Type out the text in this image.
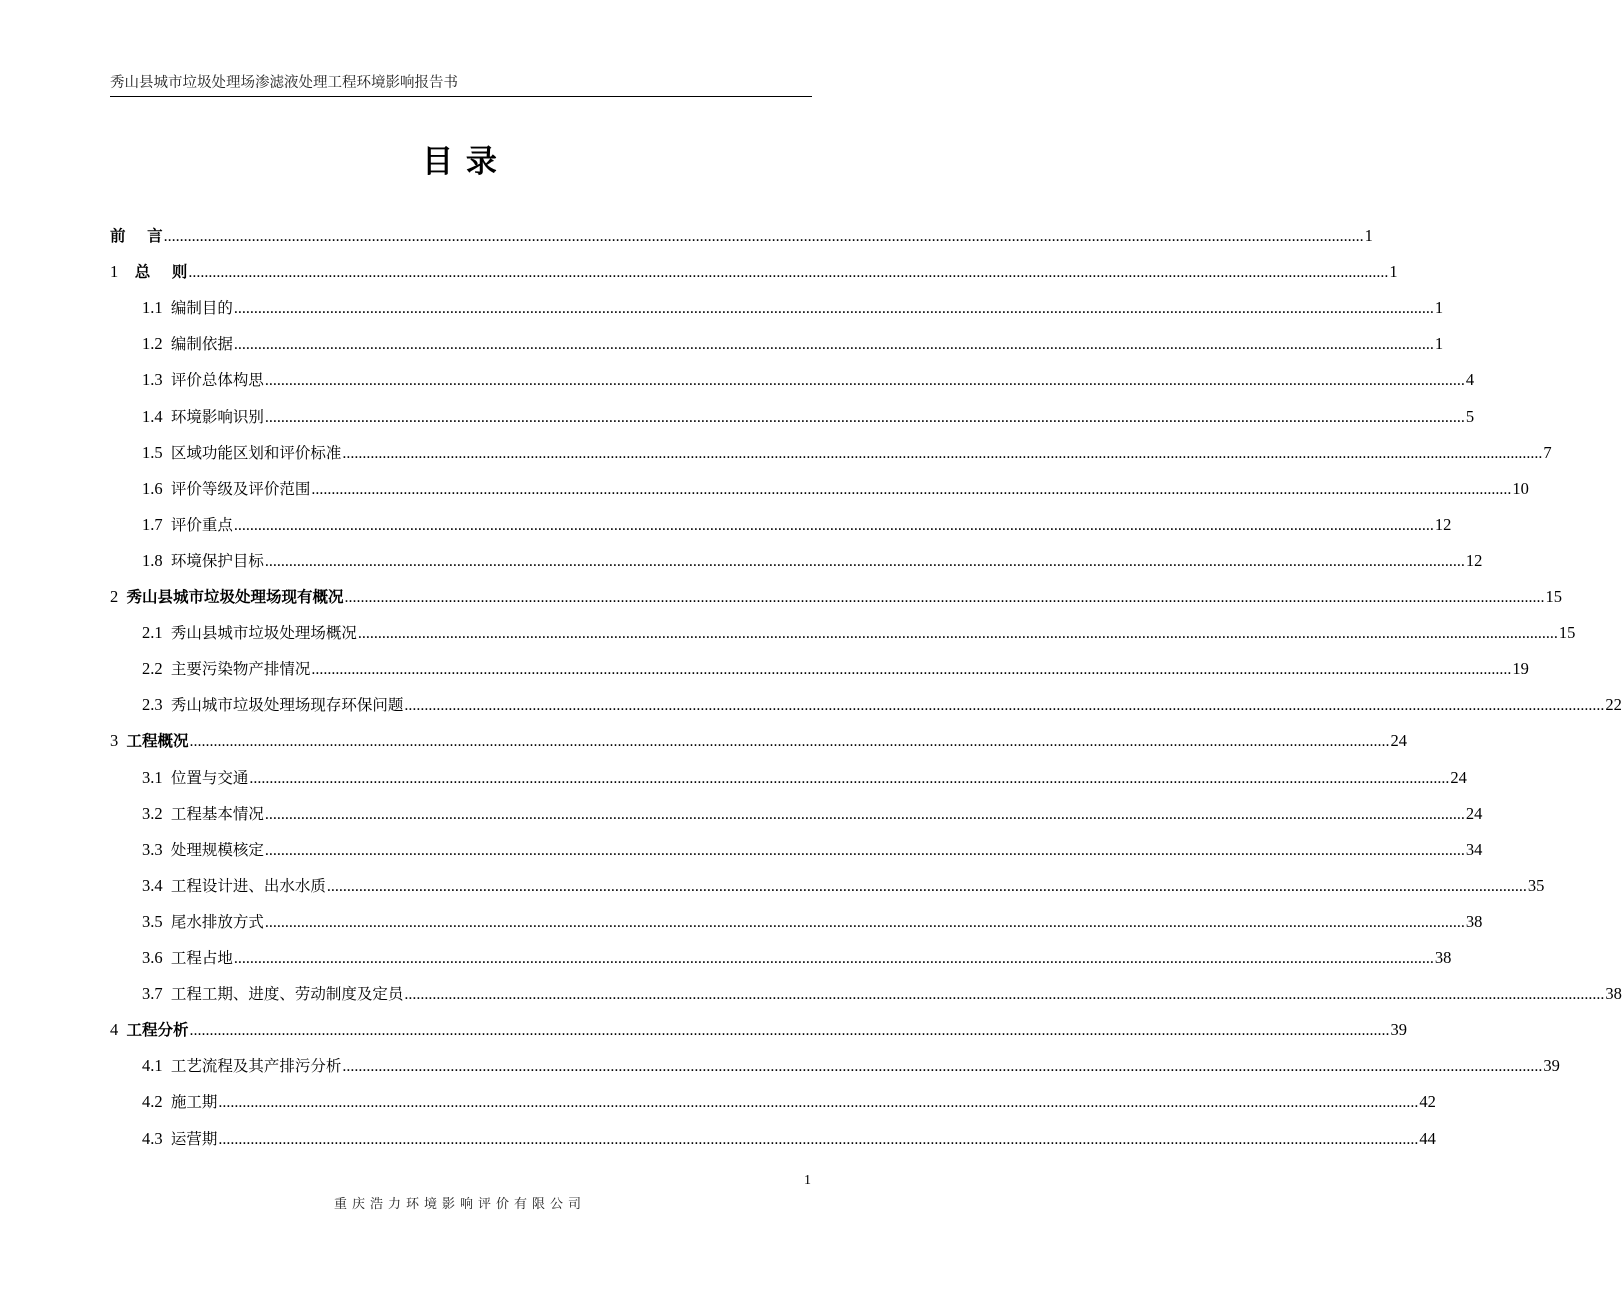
秀山县城市垃圾处理场渗滤液处理工程环境影响报告书
目 录
前    言 ............................................................................................................................................................................................................................................................................................................ 1
1 总    则 ............................................................................................................................................................................................................................................................................................................ 1
1.1 编制目的 ............................................................................................................................................................................................................................................................................................................ 1
1.2 编制依据 ............................................................................................................................................................................................................................................................................................................ 1
1.3 评价总体构思 ............................................................................................................................................................................................................................................................................................................ 4
1.4 环境影响识别 ............................................................................................................................................................................................................................................................................................................ 5
1.5 区域功能区划和评价标准 ............................................................................................................................................................................................................................................................................................................ 7
1.6 评价等级及评价范围 ............................................................................................................................................................................................................................................................................................................ 10
1.7 评价重点 ............................................................................................................................................................................................................................................................................................................ 12
1.8 环境保护目标 ............................................................................................................................................................................................................................................................................................................ 12
2 秀山县城市垃圾处理场现有概况 ............................................................................................................................................................................................................................................................................................................ 15
2.1 秀山县城市垃圾处理场概况 ............................................................................................................................................................................................................................................................................................................ 15
2.2 主要污染物产排情况 ............................................................................................................................................................................................................................................................................................................ 19
2.3 秀山城市垃圾处理场现存环保问题 ............................................................................................................................................................................................................................................................................................................ 22
3 工程概况 ............................................................................................................................................................................................................................................................................................................ 24
3.1 位置与交通 ............................................................................................................................................................................................................................................................................................................ 24
3.2 工程基本情况 ............................................................................................................................................................................................................................................................................................................ 24
3.3 处理规模核定 ............................................................................................................................................................................................................................................................................................................ 34
3.4 工程设计进、出水水质 ............................................................................................................................................................................................................................................................................................................ 35
3.5 尾水排放方式 ............................................................................................................................................................................................................................................................................................................ 38
3.6 工程占地 ............................................................................................................................................................................................................................................................................................................ 38
3.7 工程工期、进度、劳动制度及定员 ............................................................................................................................................................................................................................................................................................................ 38
4 工程分析 ............................................................................................................................................................................................................................................................................................................ 39
4.1 工艺流程及其产排污分析 ............................................................................................................................................................................................................................................................................................................ 39
4.2 施工期 ............................................................................................................................................................................................................................................................................................................ 42
4.3 运营期 ............................................................................................................................................................................................................................................................................................................ 44
1
重庆浩力环境影响评价有限公司
